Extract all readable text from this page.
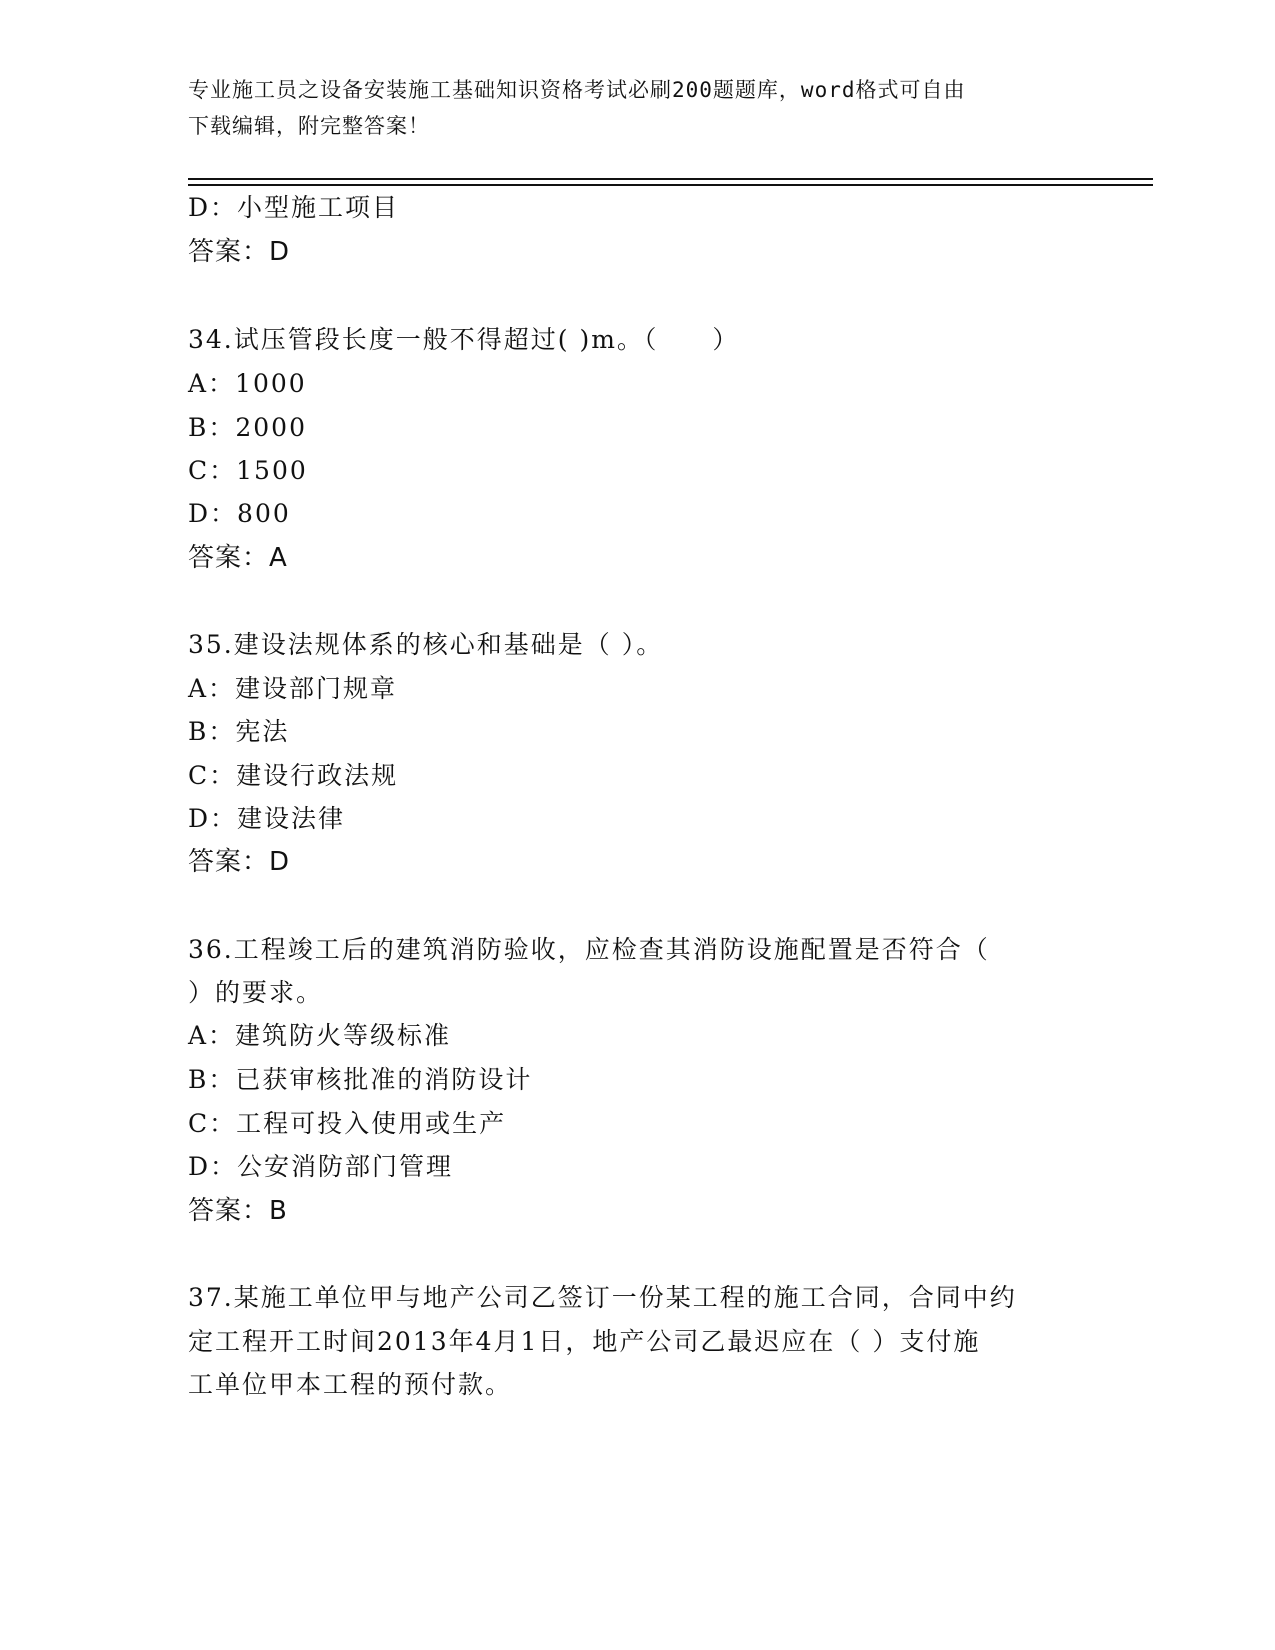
专业施工员之设备安装施工基础知识资格考试必刷200题题库，word格式可自由
下载编辑，附完整答案！
D：小型施工项目
答案：D
34.试压管段长度一般不得超过( )m。（　　）
A：1000
B：2000
C：1500
D：800
答案：A
35.建设法规体系的核心和基础是（ ）。
A：建设部门规章
B：宪法
C：建设行政法规
D：建设法律
答案：D
36.工程竣工后的建筑消防验收，应检查其消防设施配置是否符合（
）的要求。
A：建筑防火等级标准
B：已获审核批准的消防设计
C：工程可投入使用或生产
D：公安消防部门管理
答案：B
37.某施工单位甲与地产公司乙签订一份某工程的施工合同，合同中约
定工程开工时间2013年4月1日，地产公司乙最迟应在（ ）支付施
工单位甲本工程的预付款。
